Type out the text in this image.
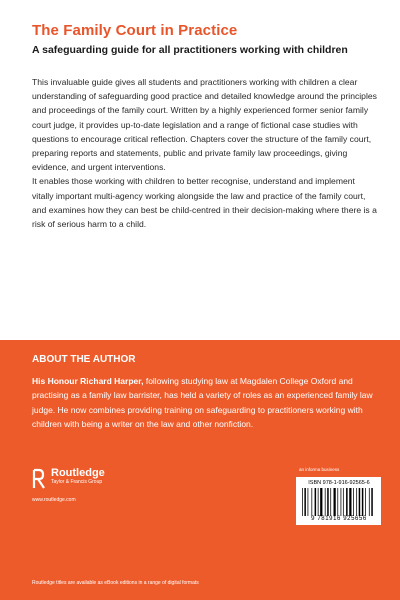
The Family Court in Practice
A safeguarding guide for all practitioners working with children

This invaluable guide gives all students and practitioners working with children a clear understanding of safeguarding good practice and detailed knowledge around the principles and proceedings of the family court. Written by a highly experienced former senior family court judge, it provides up-to-date legislation and a range of fictional case studies with questions to encourage critical reflection. Chapters cover the structure of the family court, preparing reports and statements, public and private family law proceedings, giving evidence, and urgent interventions.

It enables those working with children to better recognise, understand and implement vitally important multi-agency working alongside the law and practice of the family court, and examines how they can best be child-centred in their decision-making where there is a risk of serious harm to a child.

ABOUT THE AUTHOR
His Honour Richard Harper, following studying law at Magdalen College Oxford and practising as a family law barrister, has held a variety of roles as an experienced family law judge. He now combines providing training on safeguarding to practitioners working with children with being a writer on the law and other nonfiction.
Routledge
Taylor & Francis Group
www.routledge.com
Routledge titles are available as eBook editions in a range of digital formats
an informa business
ISBN 978-1-916-92565-6
9 781916 925656
